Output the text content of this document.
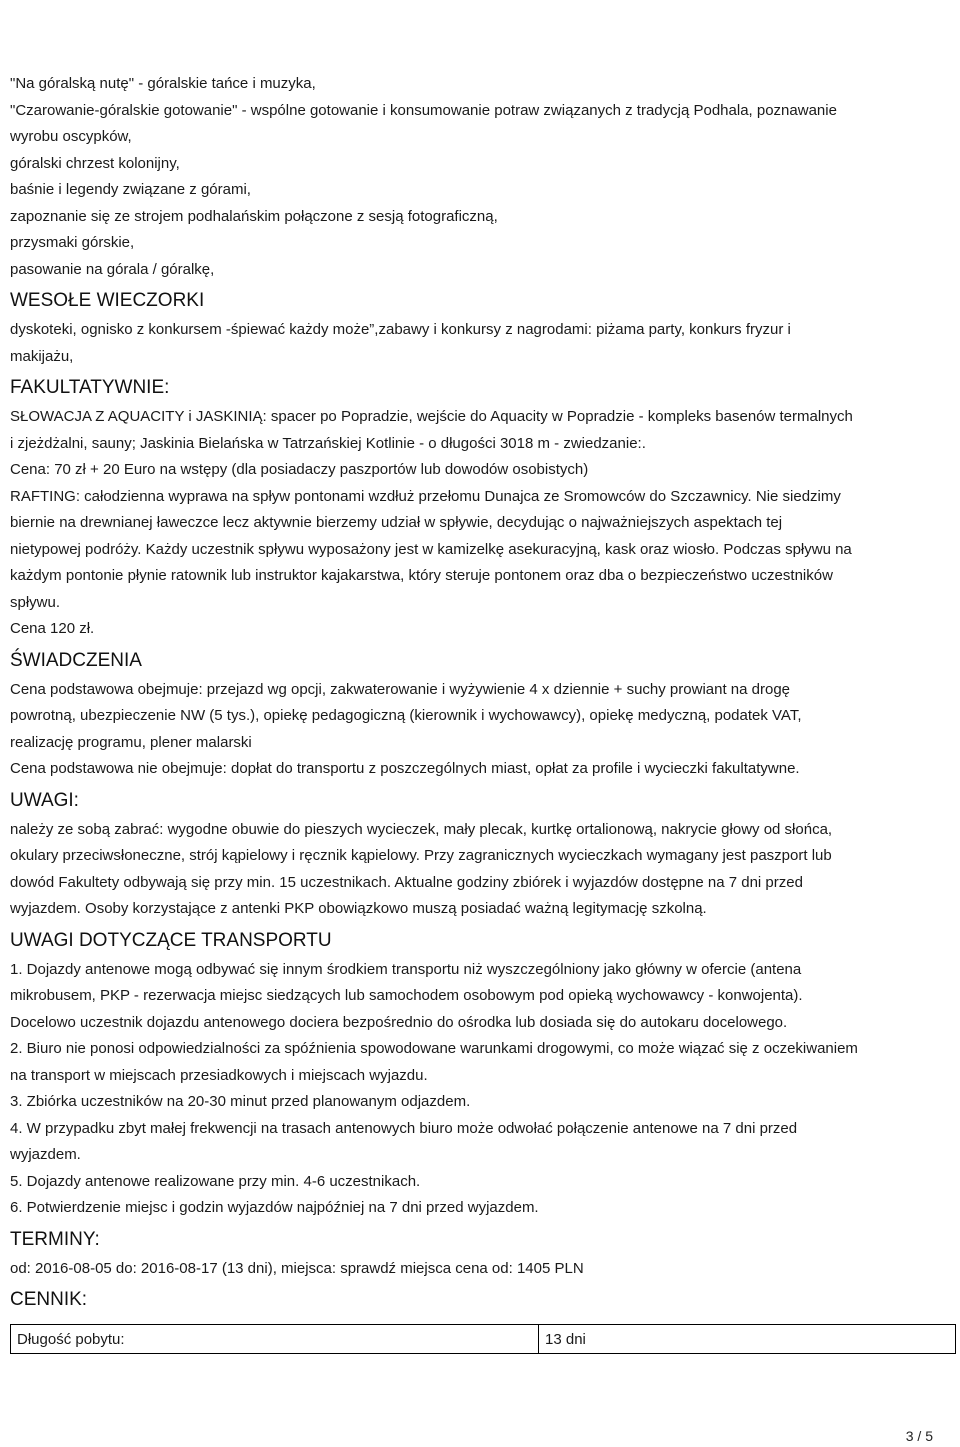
"Na góralską nutę" - góralskie tańce i muzyka,

"Czarowanie-góralskie gotowanie" - wspólne gotowanie i konsumowanie potraw związanych z tradycją Podhala, poznawanie

wyrobu oscypków,

góralski chrzest kolonijny,

baśnie i legendy związane z górami,

zapoznanie się ze strojem podhalańskim połączone z sesją fotograficzną,

przysmaki górskie,

pasowanie na górala / góralkę,

WESOŁE WIECZORKI

dyskoteki, ognisko z konkursem -śpiewać każdy może”,zabawy i konkursy z nagrodami: piżama party, konkurs fryzur i

makijażu,

FAKULTATYWNIE:

SŁOWACJA Z AQUACITY i JASKINIĄ: spacer po Popradzie, wejście do Aquacity w Popradzie - kompleks basenów termalnych

i zjeżdżalni, sauny; Jaskinia Bielańska w Tatrzańskiej Kotlinie - o długości 3018 m - zwiedzanie:.

Cena: 70 zł + 20 Euro na wstępy (dla posiadaczy paszportów lub dowodów osobistych)

RAFTING: całodzienna wyprawa na spływ pontonami wzdłuż przełomu Dunajca ze Sromowców do Szczawnicy. Nie siedzimy

biernie na drewnianej ławeczce lecz aktywnie bierzemy udział w spływie, decydując o najważniejszych aspektach tej

nietypowej podróży. Każdy uczestnik spływu wyposażony jest w kamizelkę asekuracyjną, kask oraz wiosło. Podczas spływu na

każdym pontonie płynie ratownik lub instruktor kajakarstwa, który steruje pontonem oraz dba o bezpieczeństwo uczestników

spływu.

Cena 120 zł.

ŚWIADCZENIA

Cena podstawowa obejmuje: przejazd wg opcji, zakwaterowanie i wyżywienie 4 x dziennie + suchy prowiant na drogę

powrotną, ubezpieczenie NW (5 tys.), opiekę pedagogiczną (kierownik i wychowawcy), opiekę medyczną, podatek VAT,

realizację programu, plener malarski

Cena podstawowa nie obejmuje: dopłat do transportu z poszczególnych miast, opłat za profile i wycieczki fakultatywne.

UWAGI:

należy ze sobą zabrać: wygodne obuwie do pieszych wycieczek, mały plecak, kurtkę ortalionową, nakrycie głowy od słońca,

okulary przeciwsłoneczne, strój kąpielowy i ręcznik kąpielowy. Przy zagranicznych wycieczkach wymagany jest paszport lub

dowód Fakultety odbywają się przy min. 15 uczestnikach. Aktualne godziny zbiórek i wyjazdów dostępne na 7 dni przed

wyjazdem. Osoby korzystające z antenki PKP obowiązkowo muszą posiadać ważną legitymację szkolną.

UWAGI DOTYCZĄCE TRANSPORTU

1. Dojazdy antenowe mogą odbywać się innym środkiem transportu niż wyszczególniony jako główny w ofercie (antena

mikrobusem, PKP - rezerwacja miejsc siedzących lub samochodem osobowym pod opieką wychowawcy - konwojenta).

Docelowo uczestnik dojazdu antenowego dociera bezpośrednio do ośrodka lub dosiada się do autokaru docelowego.

2. Biuro nie ponosi odpowiedzialności za spóźnienia spowodowane warunkami drogowymi, co może wiązać się z oczekiwaniem

na transport w miejscach przesiadkowych i miejscach wyjazdu.

3. Zbiórka uczestników na 20-30 minut przed planowanym odjazdem.

4. W przypadku zbyt małej frekwencji na trasach antenowych biuro może odwołać połączenie antenowe na 7 dni przed

wyjazdem.

5. Dojazdy antenowe realizowane przy min. 4-6 uczestnikach.

6. Potwierdzenie miejsc i godzin wyjazdów najpóźniej na 7 dni przed wyjazdem.

TERMINY:

od: 2016-08-05 do: 2016-08-17 (13 dni), miejsca: sprawdź miejsca cena od: 1405 PLN

CENNIK:
Długość pobytu:	13 dni
3 / 5
